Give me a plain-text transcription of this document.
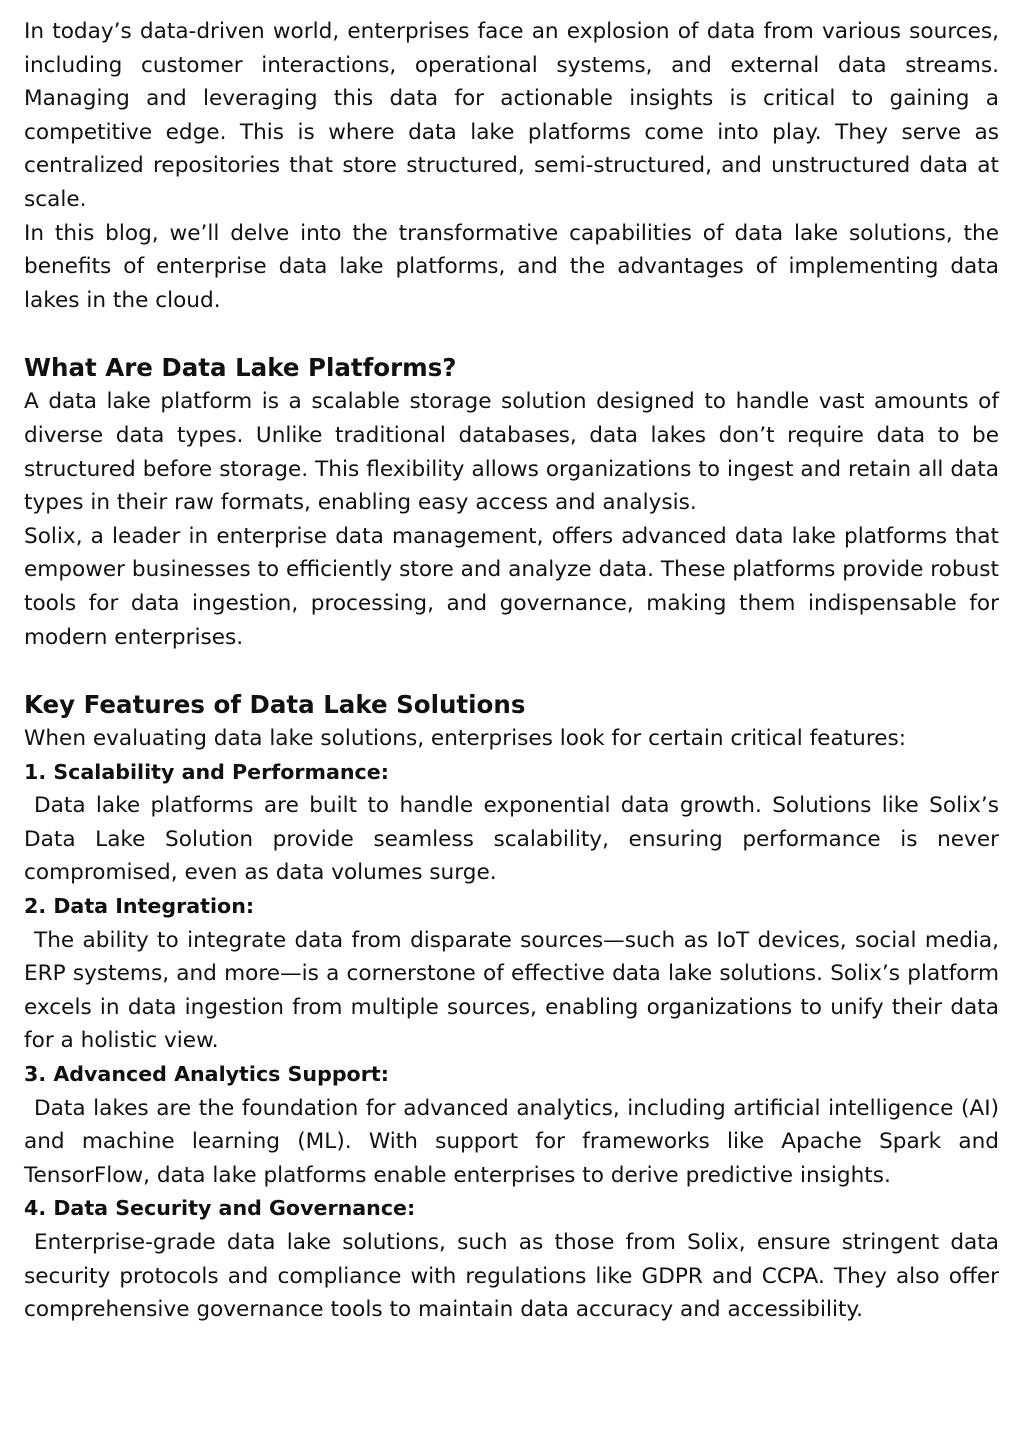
In today’s data-driven world, enterprises face an explosion of data from various sources, including customer interactions, operational systems, and external data streams. Managing and leveraging this data for actionable insights is critical to gaining a competitive edge. This is where data lake platforms come into play. They serve as centralized repositories that store structured, semi-structured, and unstructured data at scale.

In this blog, we’ll delve into the transformative capabilities of data lake solutions, the benefits of enterprise data lake platforms, and the advantages of implementing data lakes in the cloud.

What Are Data Lake Platforms?

A data lake platform is a scalable storage solution designed to handle vast amounts of diverse data types. Unlike traditional databases, data lakes don’t require data to be structured before storage. This flexibility allows organizations to ingest and retain all data types in their raw formats, enabling easy access and analysis.

Solix, a leader in enterprise data management, offers advanced data lake platforms that empower businesses to efficiently store and analyze data. These platforms provide robust tools for data ingestion, processing, and governance, making them indispensable for modern enterprises.

Key Features of Data Lake Solutions

When evaluating data lake solutions, enterprises look for certain critical features:

1. Scalability and Performance:

Data lake platforms are built to handle exponential data growth. Solutions like Solix’s Data Lake Solution provide seamless scalability, ensuring performance is never compromised, even as data volumes surge.

2. Data Integration:

The ability to integrate data from disparate sources—such as IoT devices, social media, ERP systems, and more—is a cornerstone of effective data lake solutions. Solix’s platform excels in data ingestion from multiple sources, enabling organizations to unify their data for a holistic view.

3. Advanced Analytics Support:

Data lakes are the foundation for advanced analytics, including artificial intelligence (AI) and machine learning (ML). With support for frameworks like Apache Spark and TensorFlow, data lake platforms enable enterprises to derive predictive insights.

4. Data Security and Governance:

Enterprise-grade data lake solutions, such as those from Solix, ensure stringent data security protocols and compliance with regulations like GDPR and CCPA. They also offer comprehensive governance tools to maintain data accuracy and accessibility.
